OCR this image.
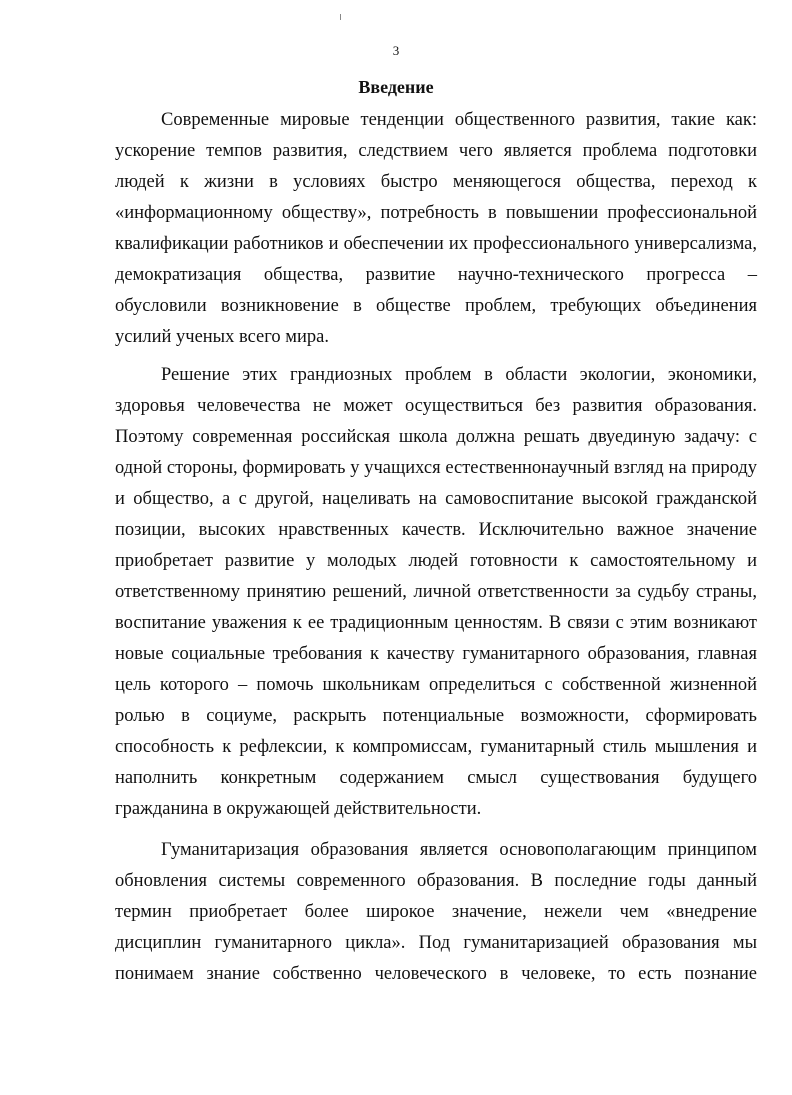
3
Введение

Современные мировые тенденции общественного развития, такие как: ускорение темпов развития, следствием чего является проблема подготовки людей к жизни в условиях быстро меняющегося общества, переход к «информационному обществу», потребность в повышении профессиональной квалификации работников и обеспечении их профессионального универсализма, демократизация общества, развитие научно-технического прогресса – обусловили возникновение в обществе проблем, требующих объединения усилий ученых всего мира.

Решение этих грандиозных проблем в области экологии, экономики, здоровья человечества не может осуществиться без развития образования. Поэтому современная российская школа должна решать двуединую задачу: с одной стороны, формировать у учащихся естественнонаучный взгляд на природу и общество, а с другой, нацеливать на самовоспитание высокой гражданской позиции, высоких нравственных качеств. Исключительно важное значение приобретает развитие у молодых людей готовности к самостоятельному и ответственному принятию решений, личной ответственности за судьбу страны, воспитание уважения к ее традиционным ценностям. В связи с этим возникают новые социальные требования к качеству гуманитарного образования, главная цель которого – помочь школьникам определиться с собственной жизненной ролью в социуме, раскрыть потенциальные возможности, сформировать способность к рефлексии, к компромиссам, гуманитарный стиль мышления и наполнить конкретным содержанием смысл существования будущего гражданина в окружающей действительности.

Гуманитаризация образования является основополагающим принципом обновления системы современного образования. В последние годы данный термин приобретает более широкое значение, нежели чем «внедрение дисциплин гуманитарного цикла». Под гуманитаризацией образования мы понимаем знание собственно человеческого в человеке, то есть познание
